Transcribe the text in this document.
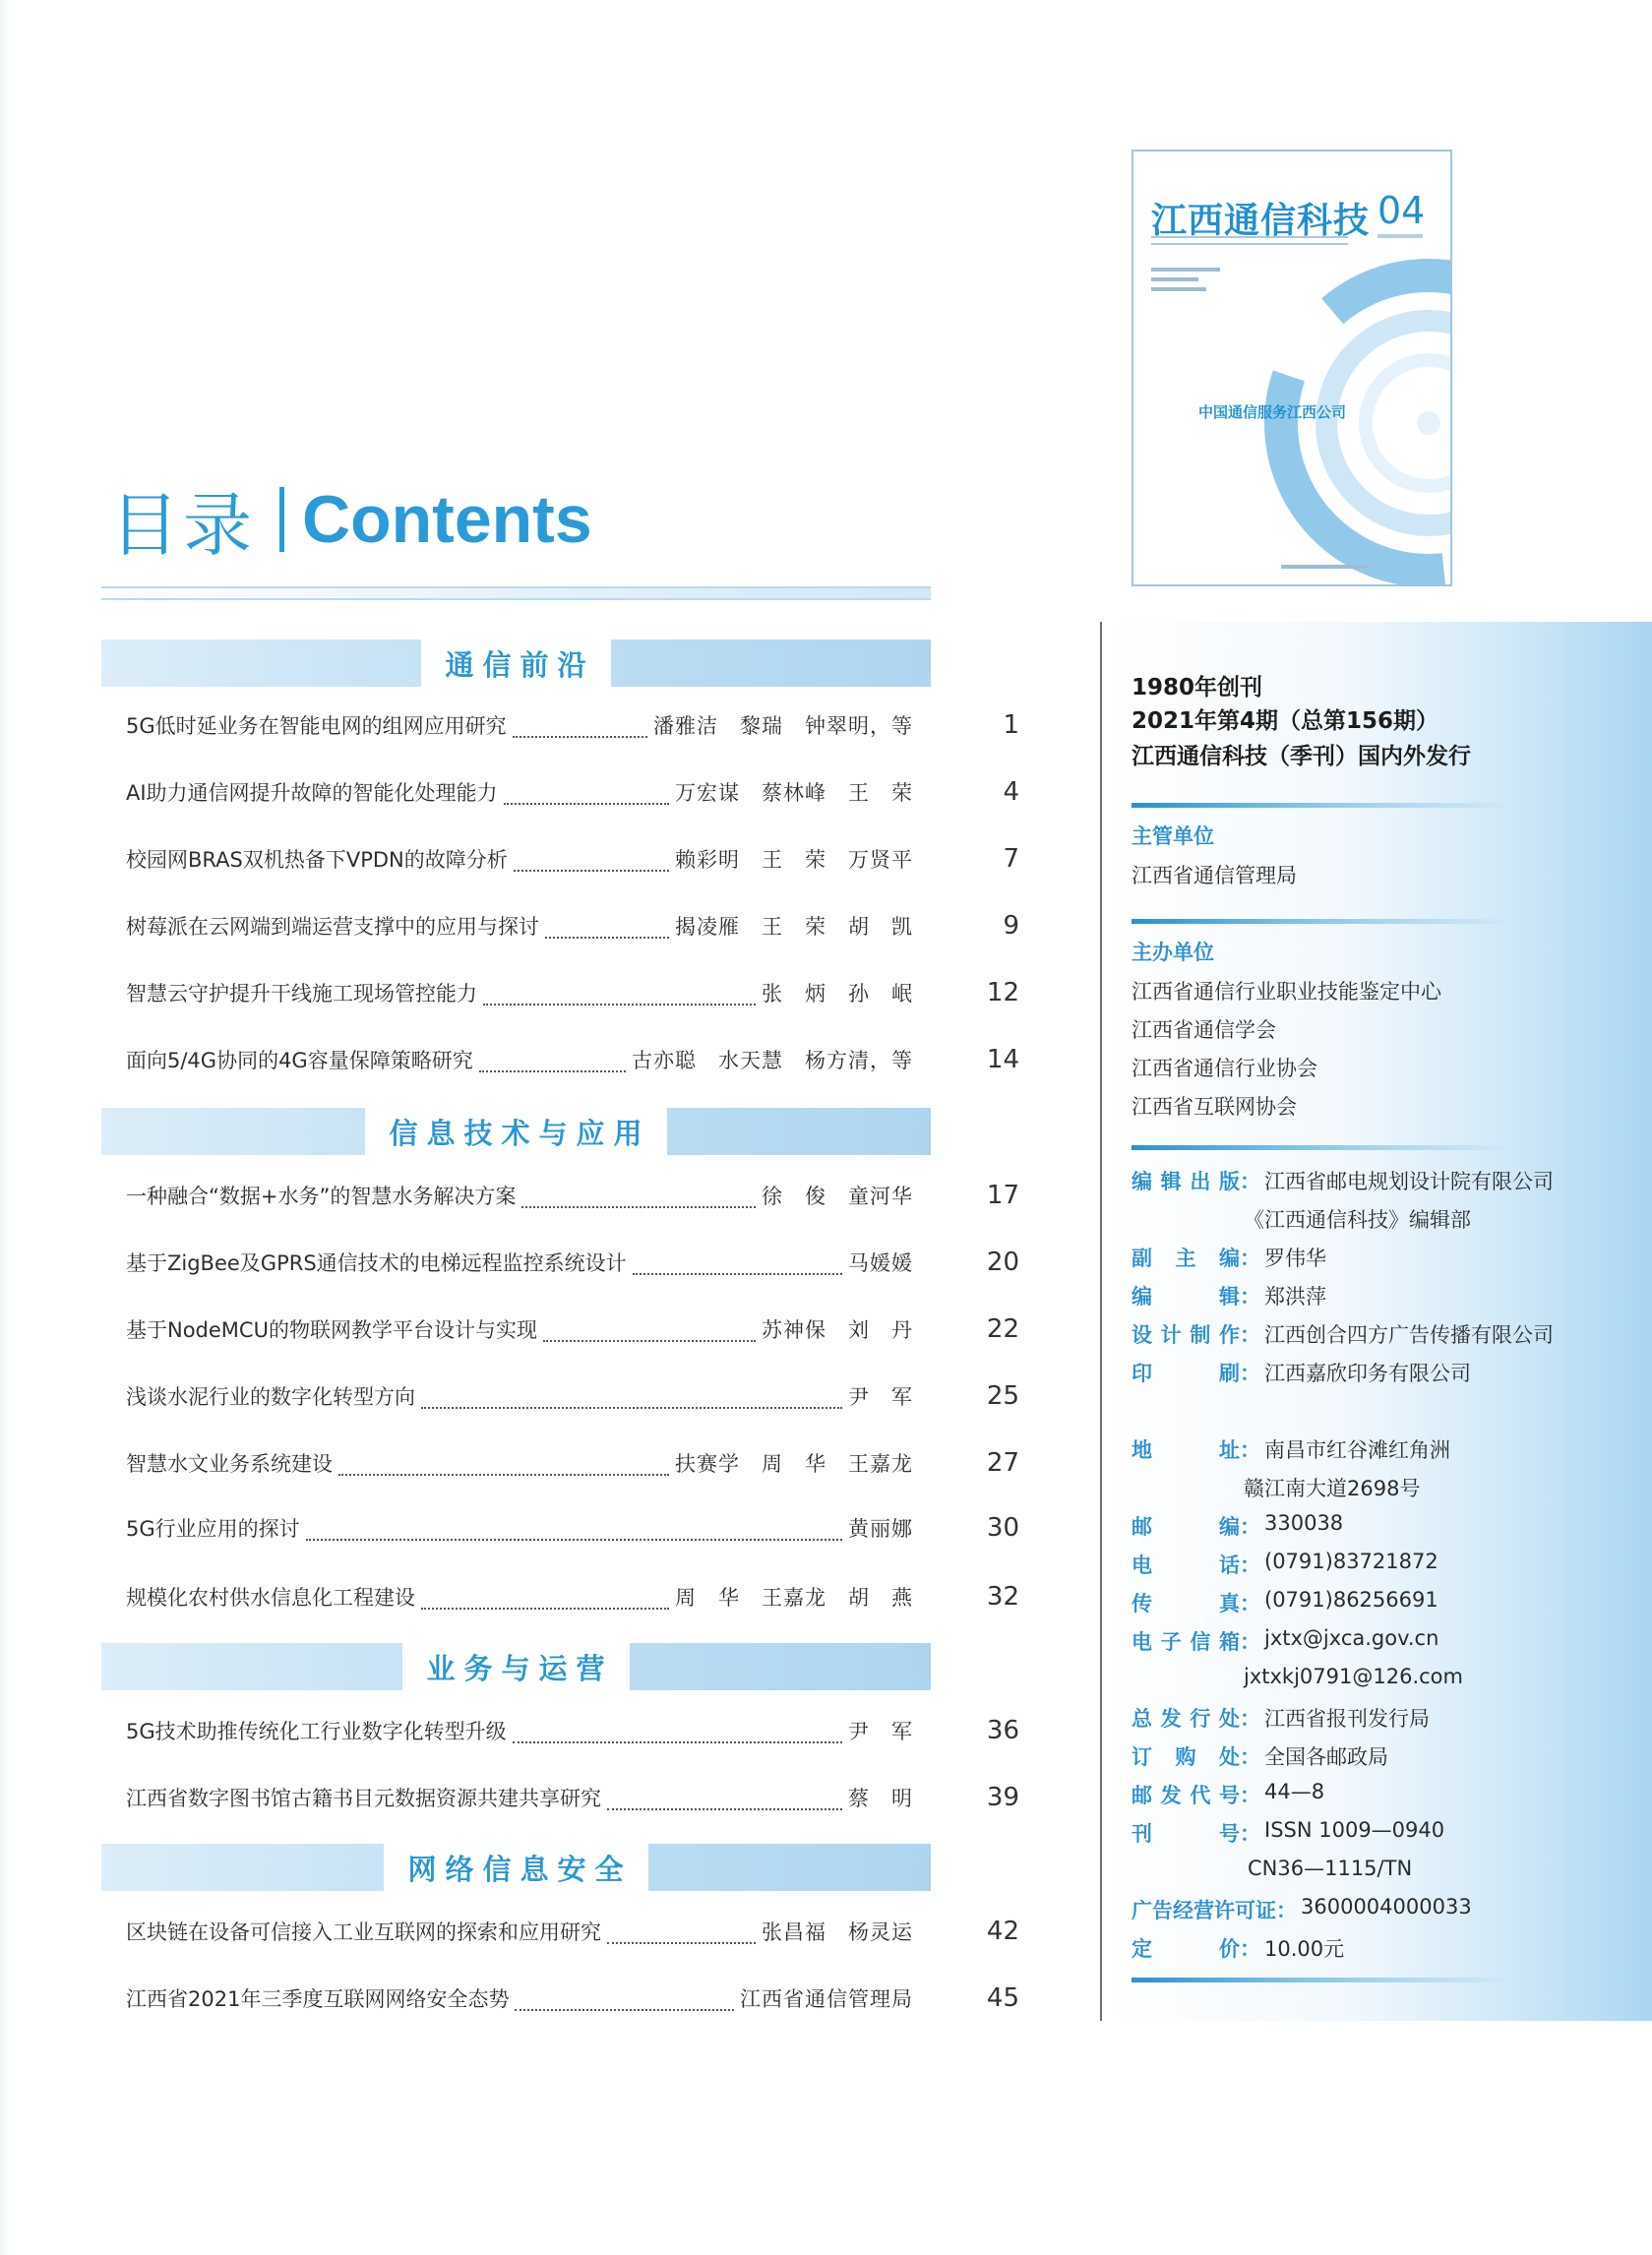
江西通信科技 04
中国通信服务江西公司
目录 Contents
通信前沿
5G低时延业务在智能电网的组网应用研究	潘雅洁　黎瑞　钟翠明，等	1
AI助力通信网提升故障的智能化处理能力	万宏谋　蔡林峰　王　荣	4
校园网BRAS双机热备下VPDN的故障分析	赖彩明　王　荣　万贤平	7
树莓派在云网端到端运营支撑中的应用与探讨	揭凌雁　王　荣　胡　凯	9
智慧云守护提升干线施工现场管控能力	张　炳　孙　岷	12
面向5/4G协同的4G容量保障策略研究	古亦聪　水天慧　杨方清，等	14
信息技术与应用
一种融合“数据+水务”的智慧水务解决方案	徐　俊　童河华	17
基于ZigBee及GPRS通信技术的电梯远程监控系统设计	马媛媛	20
基于NodeMCU的物联网教学平台设计与实现	苏神保　刘　丹	22
浅谈水泥行业的数字化转型方向	尹　军	25
智慧水文业务系统建设	扶赛学　周　华　王嘉龙	27
5G行业应用的探讨	黄丽娜	30
规模化农村供水信息化工程建设	周　华　王嘉龙　胡　燕	32
业务与运营
5G技术助推传统化工行业数字化转型升级	尹　军	36
江西省数字图书馆古籍书目元数据资源共建共享研究	蔡　明	39
网络信息安全
区块链在设备可信接入工业互联网的探索和应用研究	张昌福　杨灵运	42
江西省2021年三季度互联网网络安全态势	江西省通信管理局	45
1980年创刊
2021年第4期（总第156期）
江西通信科技（季刊）国内外发行
主管单位
江西省通信管理局
主办单位
江西省通信行业职业技能鉴定中心
江西省通信学会
江西省通信行业协会
江西省互联网协会
编辑出版 ： 江西省邮电规划设计院有限公司
《江西通信科技》编辑部
副主编 ： 罗伟华
编辑 ： 郑洪萍
设计制作 ： 江西创合四方广告传播有限公司
印刷 ： 江西嘉欣印务有限公司
地址 ： 南昌市红谷滩红角洲
赣江南大道2698号
邮编 ： 330038
电话 ： (0791)83721872
传真 ： (0791)86256691
电子信箱 ： jxtx@jxca.gov.cn
jxtxkj0791@126.com
总发行处 ： 江西省报刊发行局
订购处 ： 全国各邮政局
邮发代号 ： 44—8
刊号 ： ISSN 1009—0940
CN36—1115/TN
广告经营许可证 ： 3600004000033
定价 ： 10.00元
